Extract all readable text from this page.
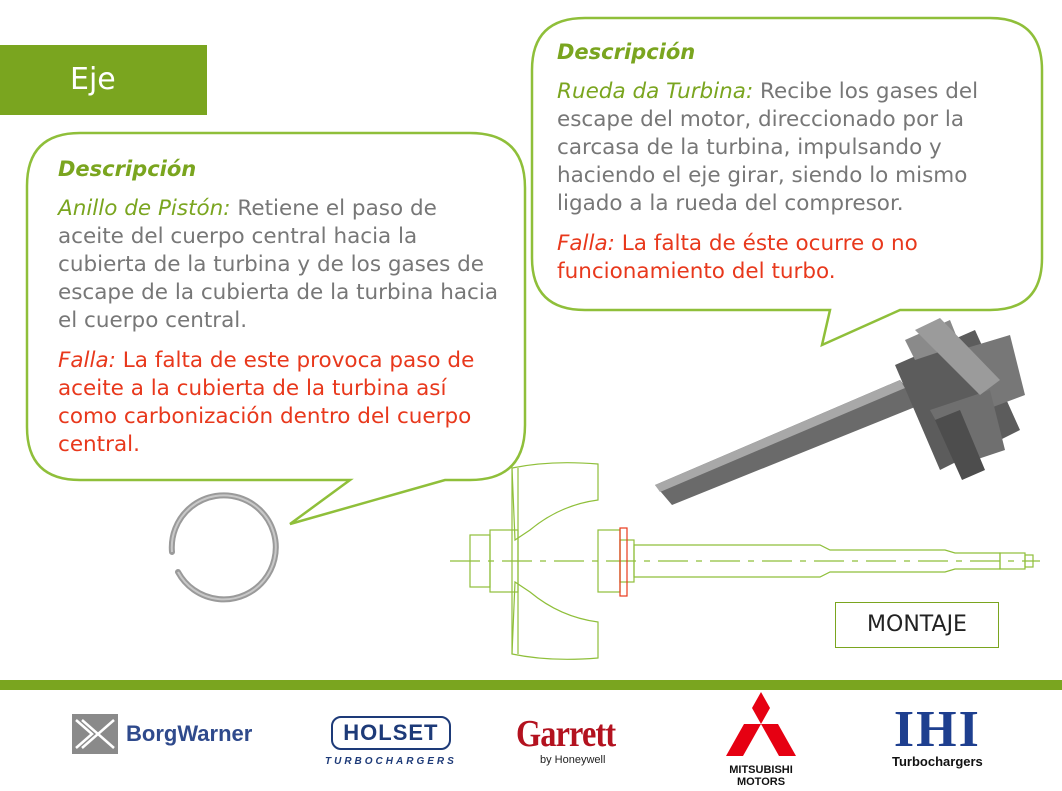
Eje

Descripción

Anillo de Pistón: Retiene el paso de aceite del cuerpo central hacia la cubierta de la turbina y de los gases de escape de la cubierta de la turbina hacia el cuerpo central.

Falla: La falta de este provoca paso de aceite a la cubierta de la turbina así como carbonización dentro del cuerpo central.

Descripción

Rueda da Turbina: Recibe los gases del escape del motor, direccionado por la carcasa de la turbina, impulsando y haciendo el eje girar, siendo lo mismo ligado a la rueda del compresor.

Falla: La falta de éste ocurre o no funcionamiento del turbo.

MONTAJE
BorgWarner	HOLSET
TURBOCHARGERS
Garrett
by Honeywell
MITSUBISHI
MOTORS
IHI
Turbochargers
